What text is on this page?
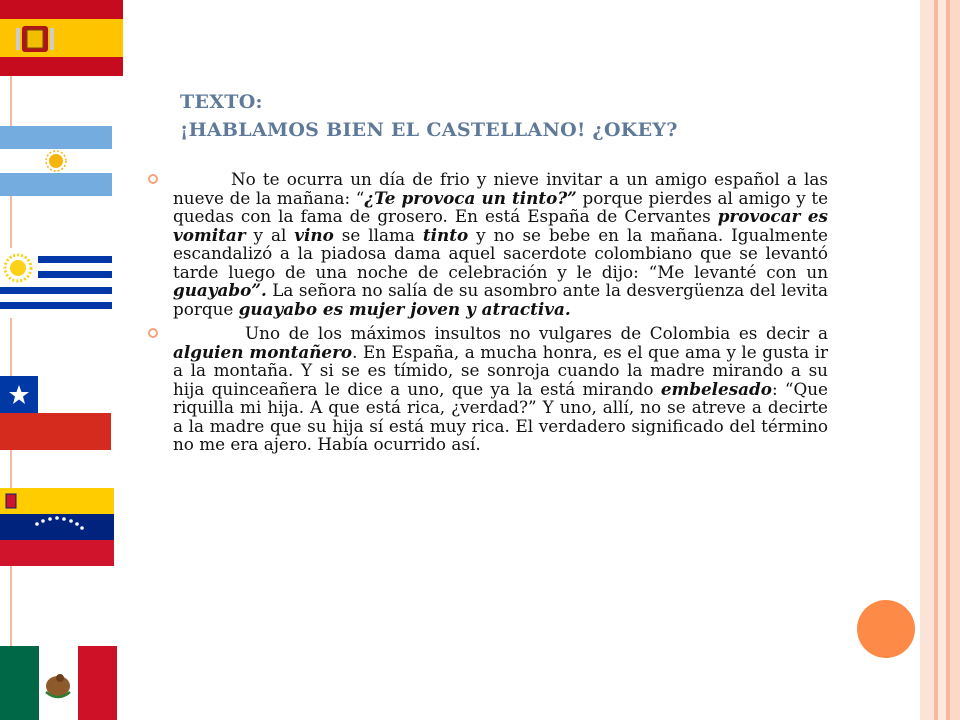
TEXTO:
¡HABLAMOS BIEN EL CASTELLANO! ¿OKEY?
No te ocurra un día de frio y nieve invitar a un amigo español a las nueve de la mañana: “¿Te provoca un tinto?” porque pierdes al amigo y te quedas con la fama de grosero. En está España de Cervantes provocar es vomitar y al vino se llama tinto y no se bebe en la mañana. Igualmente escandalizó a la piadosa dama aquel sacerdote colombiano que se levantó tarde luego de una noche de celebración y le dijo: “Me levanté con un guayabo”. La señora no salía de su asombro ante la desvergüenza del levita porque guayabo es mujer joven y atractiva.
Uno de los máximos insultos no vulgares de Colombia es decir a alguien montañero. En España, a mucha honra, es el que ama y le gusta ir a la montaña. Y si se es tímido, se sonroja cuando la madre mirando a su hija quinceañera le dice a uno, que ya la está mirando embelesado: “Que riquilla mi hija. A que está rica, ¿verdad?” Y uno, allí, no se atreve a decirte a la madre que su hija sí está muy rica. El verdadero significado del término no me era ajero. Había ocurrido así.
